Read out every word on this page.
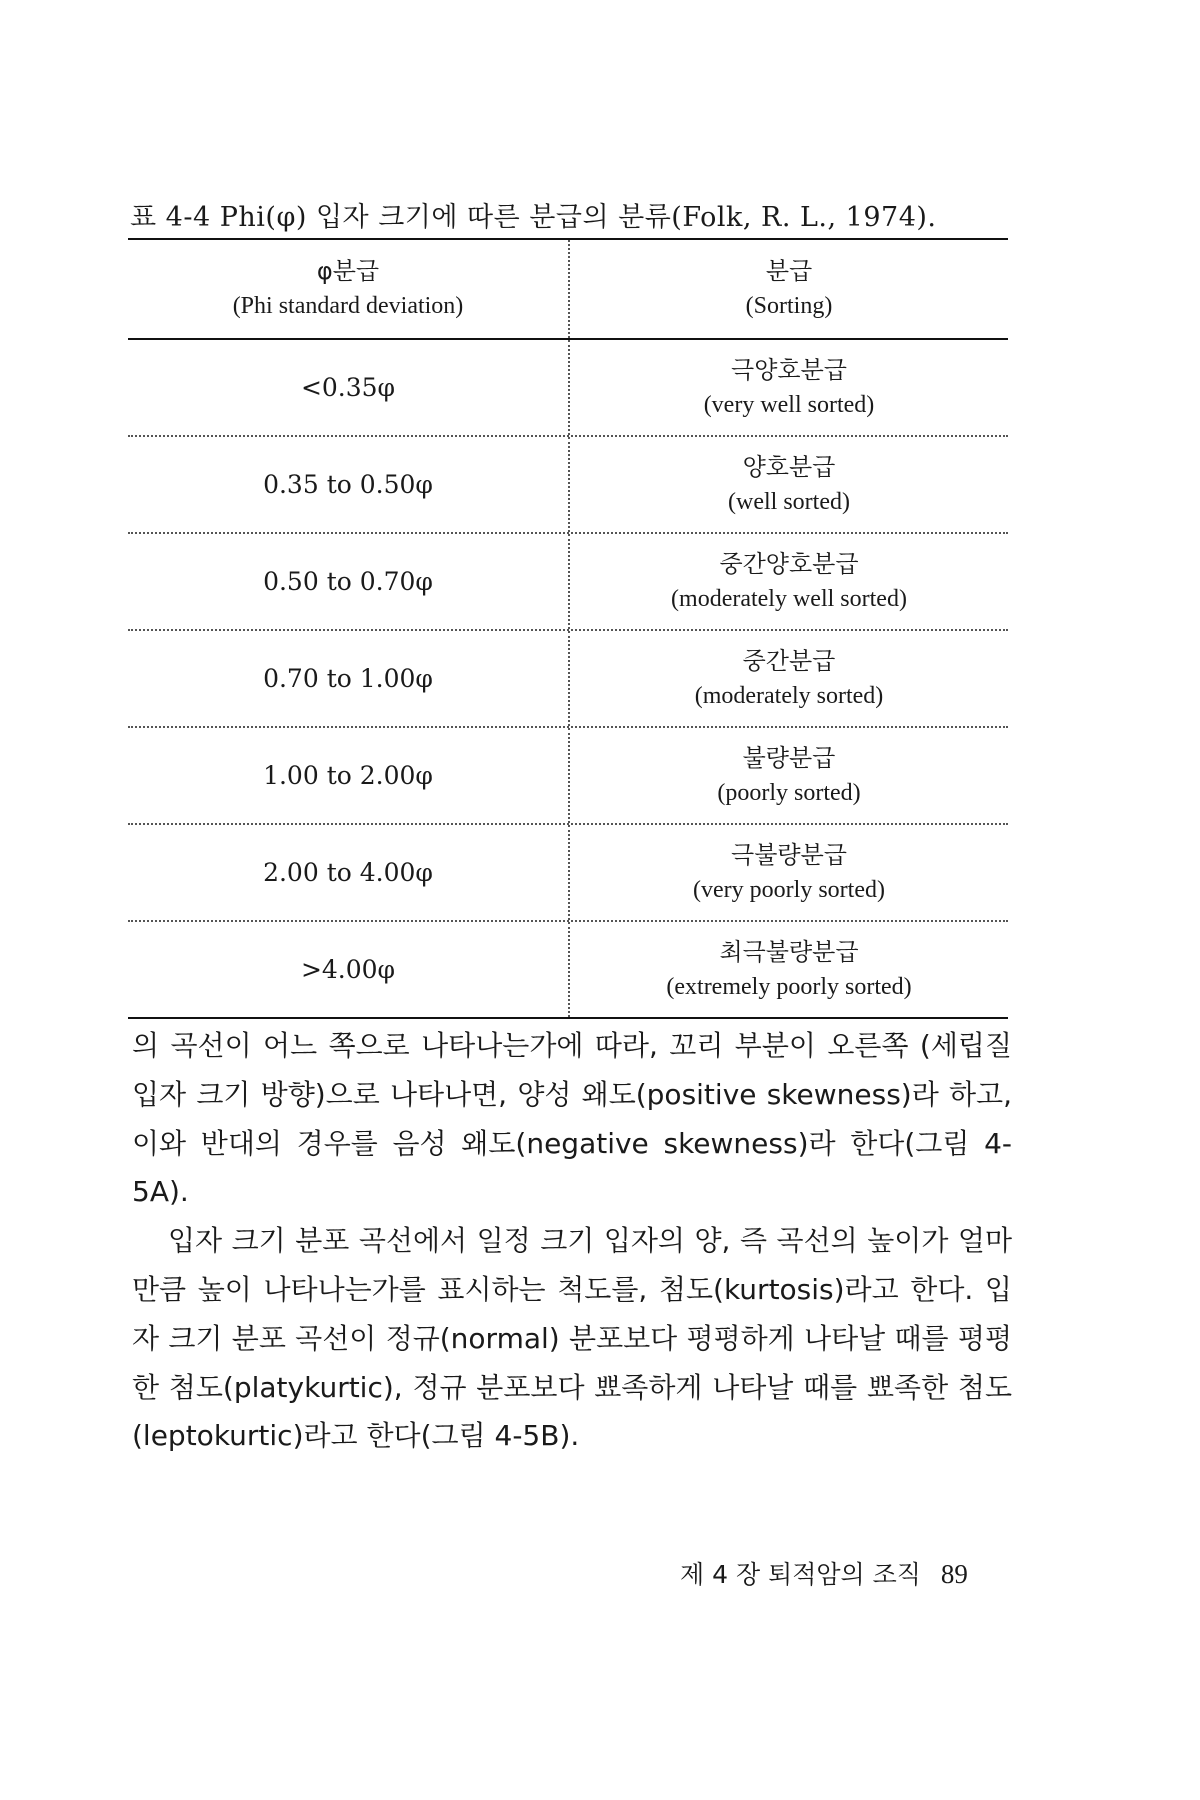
표 4-4 Phi(φ) 입자 크기에 따른 분급의 분류(Folk, R. L., 1974).
φ분급
(Phi standard deviation)
분급
(Sorting)
<0.35φ
극양호분급
(very well sorted)
0.35 to 0.50φ
양호분급
(well sorted)
0.50 to 0.70φ
중간양호분급
(moderately well sorted)
0.70 to 1.00φ
중간분급
(moderately sorted)
1.00 to 2.00φ
불량분급
(poorly sorted)
2.00 to 4.00φ
극불량분급
(very poorly sorted)
>4.00φ
최극불량분급
(extremely poorly sorted)

의 곡선이 어느 쪽으로 나타나는가에 따라, 꼬리 부분이 오른쪽 (세립질 입자 크기 방향)으로 나타나면, 양성 왜도(positive skewness)라 하고, 이와 반대의 경우를 음성 왜도(negative skewness)라 한다(그림 4-5A).

입자 크기 분포 곡선에서 일정 크기 입자의 양, 즉 곡선의 높이가 얼마만큼 높이 나타나는가를 표시하는 척도를, 첨도(kurtosis)라고 한다. 입자 크기 분포 곡선이 정규(normal) 분포보다 평평하게 나타날 때를 평평한 첨도(platykurtic), 정규 분포보다 뾰족하게 나타날 때를 뾰족한 첨도(leptokurtic)라고 한다(그림 4-5B).

제 4 장 퇴적암의 조직 89
